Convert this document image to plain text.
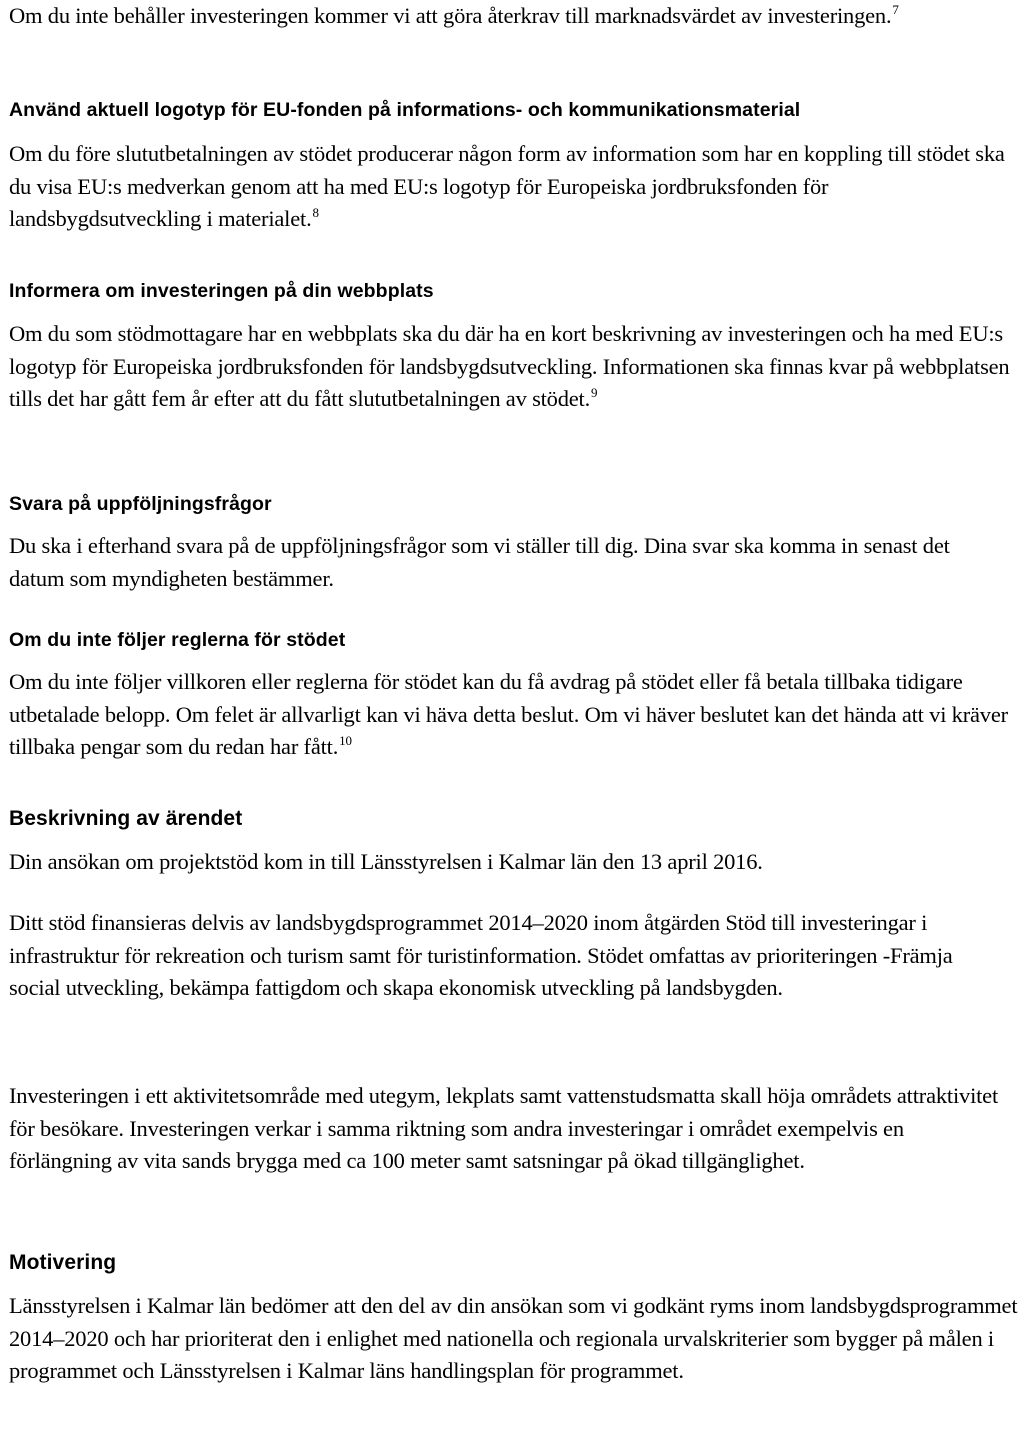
Om du inte behåller investeringen kommer vi att göra återkrav till marknadsvärdet av investeringen.$^7$

Använd aktuell logotyp för EU-fonden på informations- och kommunikationsmaterial

Om du före slututbetalningen av stödet producerar någon form av information som har en koppling till stödet ska du visa EU:s medverkan genom att ha med EU:s logotyp för Europeiska jordbruksfonden för landsbygdsutveckling i materialet.$^8$

Informera om investeringen på din webbplats

Om du som stödmottagare har en webbplats ska du där ha en kort beskrivning av investeringen och ha med EU:s logotyp för Europeiska jordbruksfonden för landsbygdsutveckling. Informationen ska finnas kvar på webbplatsen tills det har gått fem år efter att du fått slututbetalningen av stödet.$^9$

Svara på uppföljningsfrågor

Du ska i efterhand svara på de uppföljningsfrågor som vi ställer till dig. Dina svar ska komma in senast det datum som myndigheten bestämmer.

Om du inte följer reglerna för stödet

Om du inte följer villkoren eller reglerna för stödet kan du få avdrag på stödet eller få betala tillbaka tidigare utbetalade belopp. Om felet är allvarligt kan vi häva detta beslut. Om vi häver beslutet kan det hända att vi kräver tillbaka pengar som du redan har fått.$^{10}$

Beskrivning av ärendet

Din ansökan om projektstöd kom in till Länsstyrelsen i Kalmar län den 13 april 2016.

Ditt stöd finansieras delvis av landsbygdsprogrammet 2014–2020 inom åtgärden Stöd till investeringar i infrastruktur för rekreation och turism samt för turistinformation. Stödet omfattas av prioriteringen -Främja social utveckling, bekämpa fattigdom och skapa ekonomisk utveckling på landsbygden.

Investeringen i ett aktivitetsområde med utegym, lekplats samt vattenstudsmatta skall höja områdets attraktivitet för besökare. Investeringen verkar i samma riktning som andra investeringar i området exempelvis en förlängning av vita sands brygga med ca 100 meter samt satsningar på ökad tillgänglighet.

Motivering

Länsstyrelsen i Kalmar län bedömer att den del av din ansökan som vi godkänt ryms inom landsbygdsprogrammet 2014–2020 och har prioriterat den i enlighet med nationella och regionala urvalskriterier som bygger på målen i programmet och Länsstyrelsen i Kalmar läns handlingsplan för programmet.
